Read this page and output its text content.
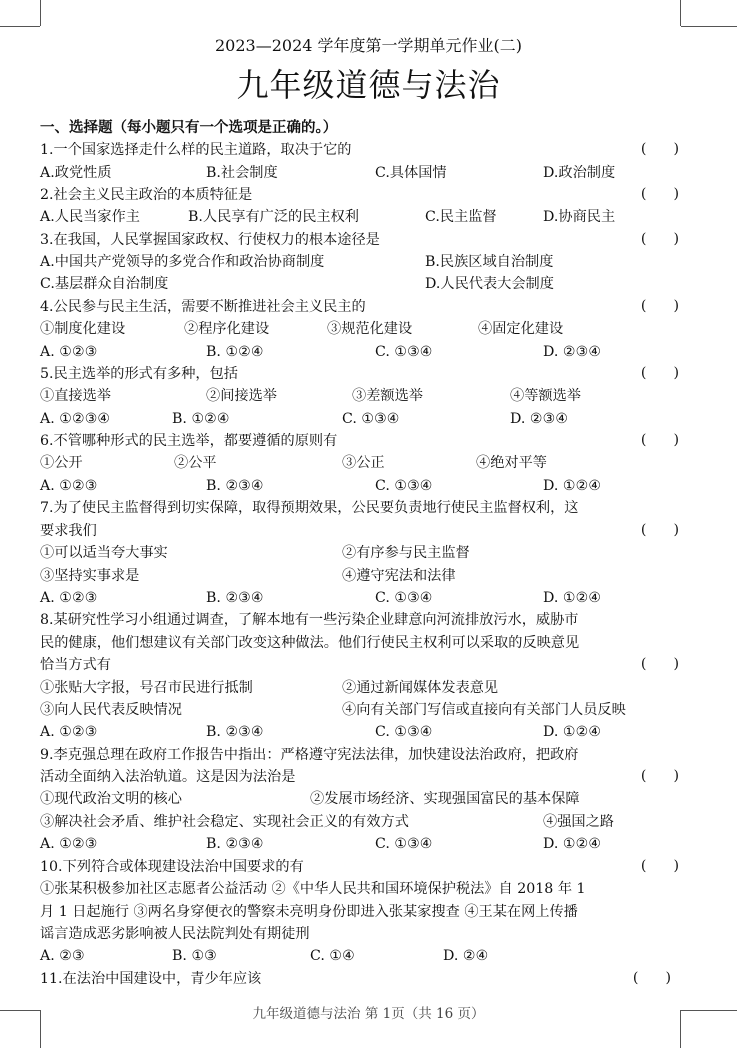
2023—2024 学年度第一学期单元作业(二)
九年级道德与法治
一、选择题（每小题只有一个选项是正确的。）
1.一个国家选择走什么样的民主道路，取决于它的	(      )
A.政党性质	B.社会制度	C.具体国情	D.政治制度
2.社会主义民主政治的本质特征是	(      )
A.人民当家作主	B.人民享有广泛的民主权利	C.民主监督	D.协商民主
3.在我国，人民掌握国家政权、行使权力的根本途径是	(      )
A.中国共产党领导的多党合作和政治协商制度	B.民族区域自治制度
C.基层群众自治制度	D.人民代表大会制度
4.公民参与民主生活，需要不断推进社会主义民主的	(      )
①制度化建设	②程序化建设	③规范化建设	④固定化建设
A. ①②③	B. ①②④	C. ①③④	D. ②③④
5.民主选举的形式有多种，包括	(      )
①直接选举	②间接选举	③差额选举	④等额选举
A. ①②③④	B. ①②④	C. ①③④	D. ②③④
6.不管哪种形式的民主选举，都要遵循的原则有	(      )
①公开	②公平	③公正	④绝对平等
A. ①②③	B. ②③④	C. ①③④	D. ①②④
7.为了使民主监督得到切实保障，取得预期效果，公民要负责地行使民主监督权利，这
要求我们	(      )
①可以适当夸大事实	②有序参与民主监督
③坚持实事求是	④遵守宪法和法律
A. ①②③	B. ②③④	C. ①③④	D. ①②④
8.某研究性学习小组通过调查，了解本地有一些污染企业肆意向河流排放污水，威胁市
民的健康，他们想建议有关部门改变这种做法。他们行使民主权利可以采取的反映意见
恰当方式有	(      )
①张贴大字报，号召市民进行抵制	②通过新闻媒体发表意见
③向人民代表反映情况	④向有关部门写信或直接向有关部门人员反映
A. ①②③	B. ②③④	C. ①③④	D. ①②④
9.李克强总理在政府工作报告中指出：严格遵守宪法法律，加快建设法治政府，把政府
活动全面纳入法治轨道。这是因为法治是	(      )
①现代政治文明的核心	②发展市场经济、实现强国富民的基本保障
③解决社会矛盾、维护社会稳定、实现社会正义的有效方式	④强国之路
A. ①②③	B. ②③④	C. ①③④	D. ①②④
10.下列符合或体现建设法治中国要求的有	(      )
①张某积极参加社区志愿者公益活动 ②《中华人民共和国环境保护税法》自 2018 年 1
月 1 日起施行 ③两名身穿便衣的警察未亮明身份即进入张某家搜查 ④王某在网上传播
谣言造成恶劣影响被人民法院判处有期徒刑
A. ②③	B. ①③	C. ①④	D. ②④
11.在法治中国建设中，青少年应该	(      )
九年级道德与法治 第 1页（共 16 页）
